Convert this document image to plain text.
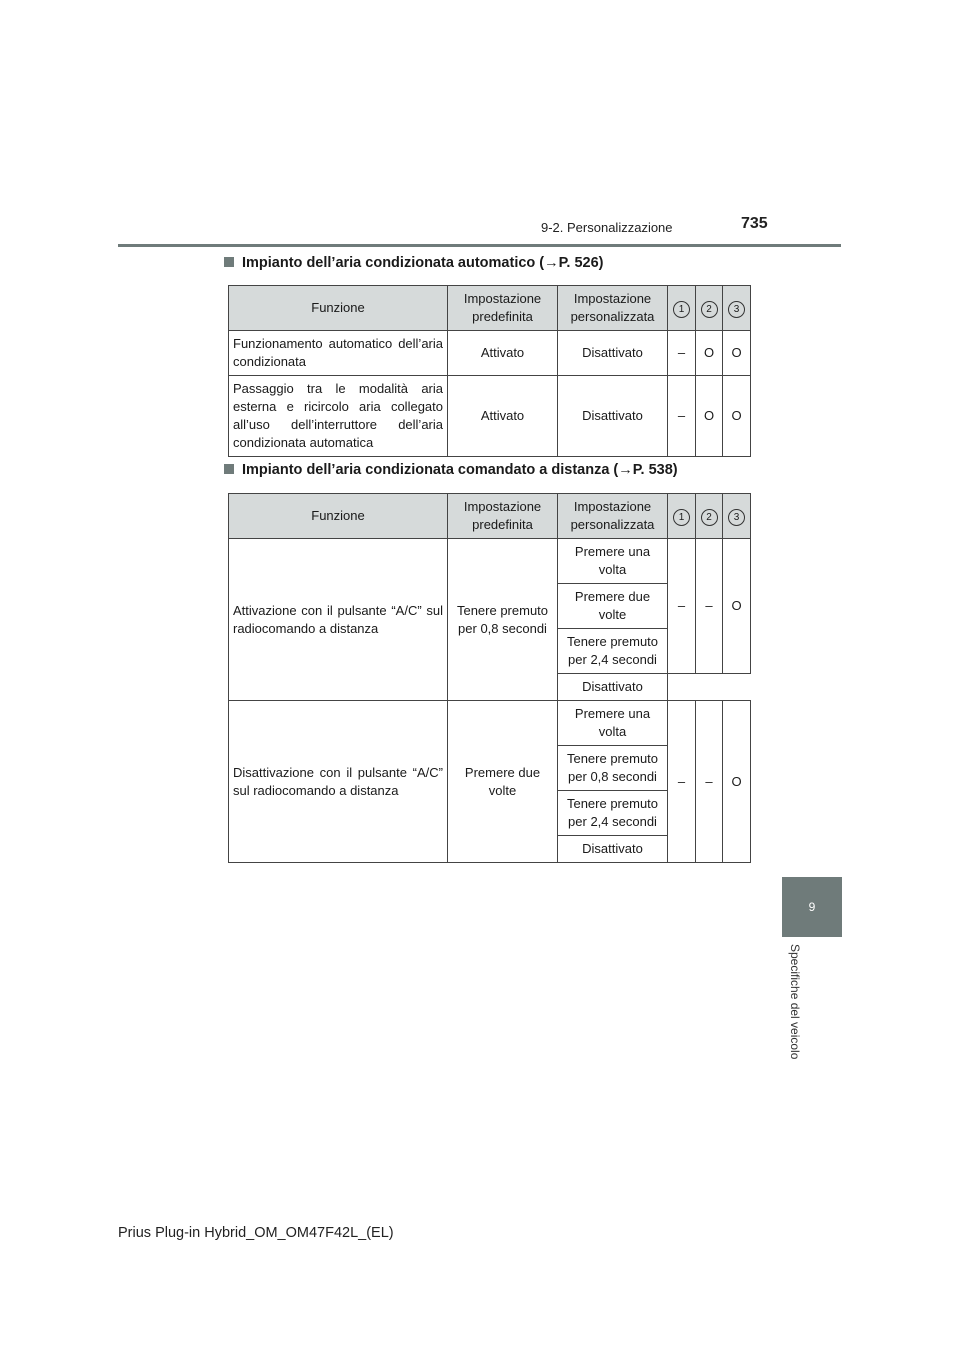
9-2. Personalizzazione	735
9
Specifiche del veicolo
Impianto dell’aria condizionata automatico (→P. 526)
Funzione	Impostazione predefinita	Impostazione personalizzata	1	2	3
Funzionamento automatico dell’aria condizionata	Attivato	Disattivato	–	O	O
Passaggio tra le modalità aria esterna e ricircolo aria collegato all’uso dell’interruttore dell’aria condizionata automatica	Attivato	Disattivato	–	O	O
Impianto dell’aria condizionata comandato a distanza (→P. 538)
Funzione	Impostazione predefinita	Impostazione personalizzata	1	2	3
Attivazione con il pulsante “A/C” sul radiocomando a distanza	Tenere premuto per 0,8 secondi	Premere una volta	–	–	O
		Premere due volte			
		Tenere premuto per 2,4 secondi			
		Disattivato			
Disattivazione con il pulsante “A/C” sul radiocomando a distanza	Premere due volte	Premere una volta	–	–	O
		Tenere premuto per 0,8 secondi			
		Tenere premuto per 2,4 secondi			
		Disattivato			
Prius Plug-in Hybrid_OM_OM47F42L_(EL)
